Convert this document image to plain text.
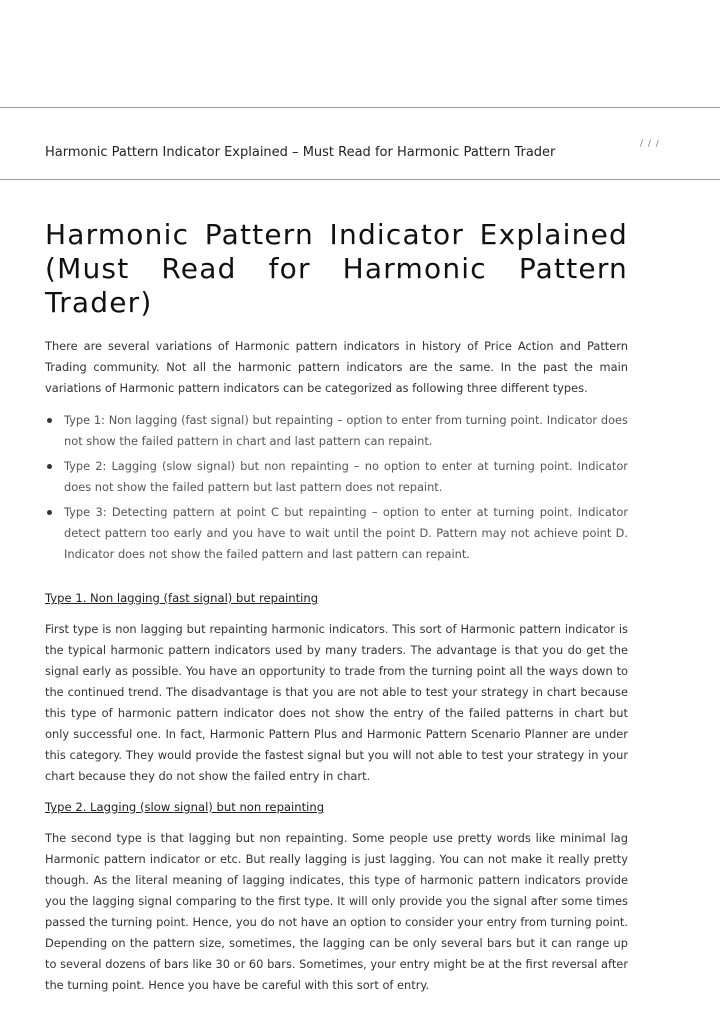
/ / /
Harmonic Pattern Indicator Explained – Must Read for Harmonic Pattern Trader
Harmonic Pattern Indicator Explained (Must Read for Harmonic Pattern Trader)

There are several variations of Harmonic pattern indicators in history of Price Action and Pattern Trading community. Not all the harmonic pattern indicators are the same. In the past the main variations of Harmonic pattern indicators can be categorized as following three different types.

Type 1: Non lagging (fast signal) but repainting – option to enter from turning point. Indicator does not show the failed pattern in chart and last pattern can repaint.
Type 2: Lagging (slow signal) but non repainting – no option to enter at turning point. Indicator does not show the failed pattern but last pattern does not repaint.
Type 3: Detecting pattern at point C but repainting – option to enter at turning point. Indicator detect pattern too early and you have to wait until the point D. Pattern may not achieve point D. Indicator does not show the failed pattern and last pattern can repaint.

Type 1. Non lagging (fast signal) but repainting

First type is non lagging but repainting harmonic indicators. This sort of Harmonic pattern indicator is the typical harmonic pattern indicators used by many traders. The advantage is that you do get the signal early as possible. You have an opportunity to trade from the turning point all the ways down to the continued trend. The disadvantage is that you are not able to test your strategy in chart because this type of harmonic pattern indicator does not show the entry of the failed patterns in chart but only successful one. In fact, Harmonic Pattern Plus and Harmonic Pattern Scenario Planner are under this category. They would provide the fastest signal but you will not able to test your strategy in your chart because they do not show the failed entry in chart.

Type 2. Lagging (slow signal) but non repainting

The second type is that lagging but non repainting. Some people use pretty words like minimal lag Harmonic pattern indicator or etc. But really lagging is just lagging. You can not make it really pretty though. As the literal meaning of lagging indicates, this type of harmonic pattern indicators provide you the lagging signal comparing to the first type. It will only provide you the signal after some times passed the turning point. Hence, you do not have an option to consider your entry from turning point. Depending on the pattern size, sometimes, the lagging can be only several bars but it can range up to several dozens of bars like 30 or 60 bars. Sometimes, your entry might be at the first reversal after the turning point. Hence you have be careful with this sort of entry.
